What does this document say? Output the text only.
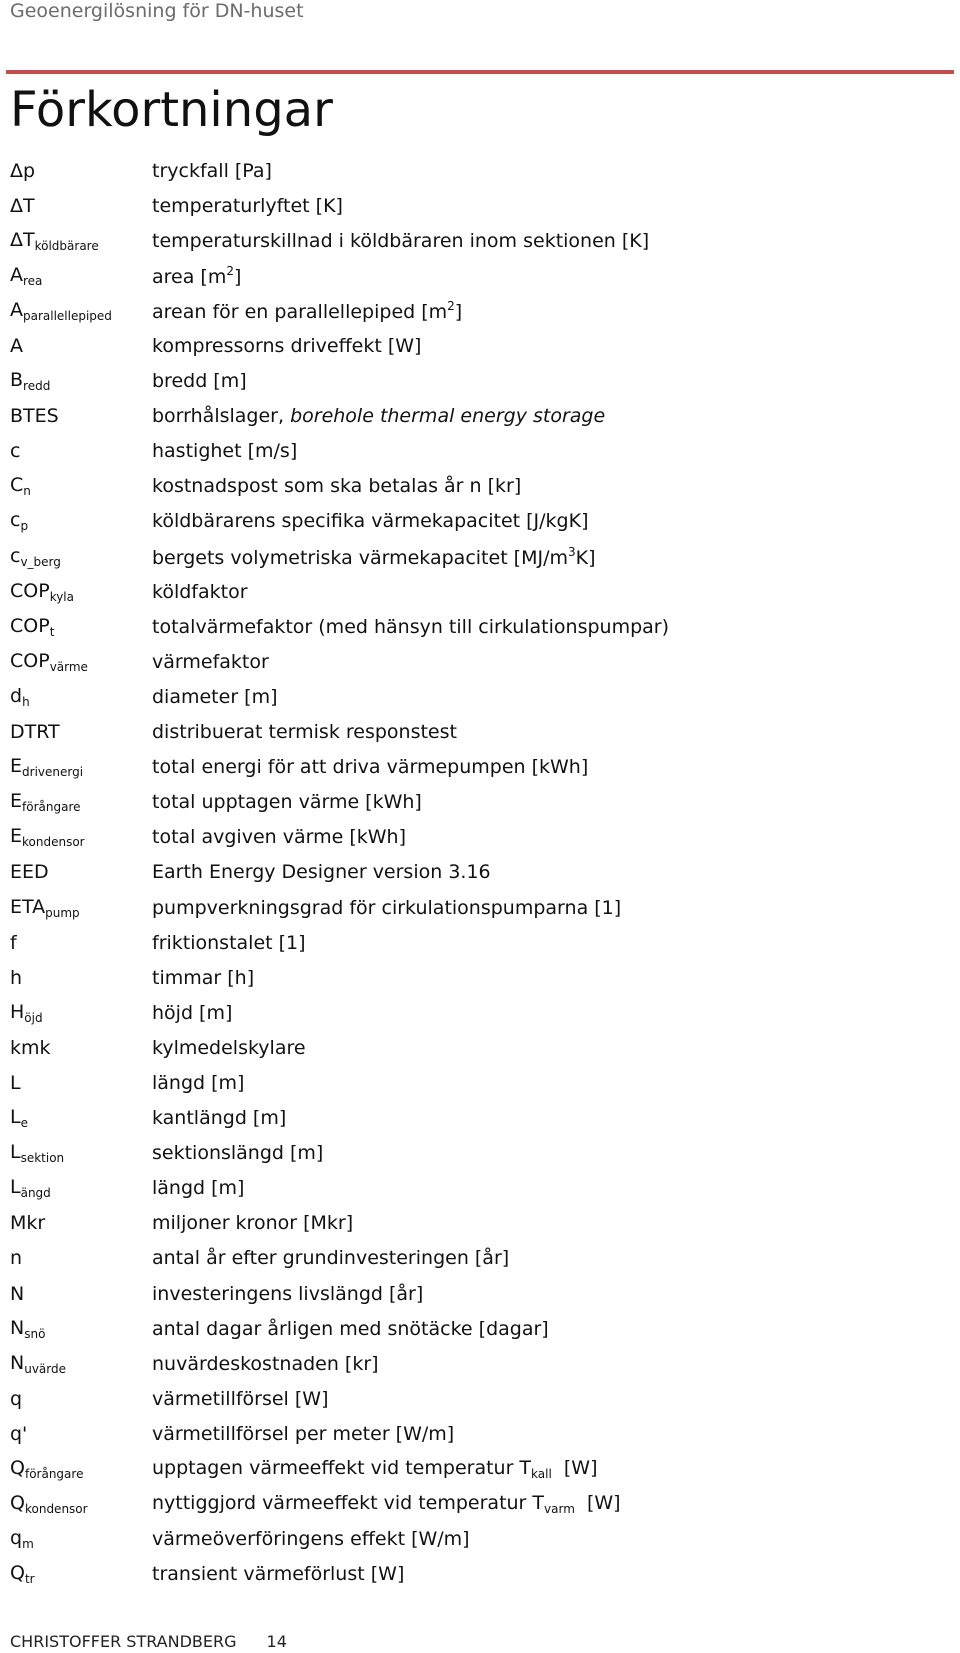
Geoenergilösning för DN-huset
Förkortningar
Δp	tryckfall [Pa]
ΔT	temperaturlyftet [K]
$\Delta T_{köldbärare}$	temperaturskillnad i köldbäraren inom sektionen [K]
$A_{rea}$	area $[m^2]$
$A_{parallellepiped}$	arean för en parallellepiped $[m^2]$
A	kompressorns driveffekt [W]
$B_{redd}$	bredd [m]
BTES	borrhålslager, borehole thermal energy storage
c	hastighet [m/s]
$C_n$	kostnadspost som ska betalas år n [kr]
$c_p$	köldbärarens specifika värmekapacitet [J/kgK]
$c_{v\_berg}$	bergets volymetriska värmekapacitet $[MJ/m^3K]$
$COP_{kyla}$	köldfaktor
$COP_t$	totalvärmefaktor (med hänsyn till cirkulationspumpar)
$COP_{värme}$	värmefaktor
$d_h$	diameter [m]
DTRT	distribuerat termisk responstest
$E_{drivenergi}$	total energi för att driva värmepumpen [kWh]
$E_{förångare}$	total upptagen värme [kWh]
$E_{kondensor}$	total avgiven värme [kWh]
EED	Earth Energy Designer version 3.16
$ETA_{pump}$	pumpverkningsgrad för cirkulationspumparna [1]
f	friktionstalet [1]
h	timmar [h]
$H_{öjd}$	höjd [m]
kmk	kylmedelskylare
L	längd [m]
$L_e$	kantlängd [m]
$L_{sektion}$	sektionslängd [m]
$L_{ängd}$	längd [m]
Mkr	miljoner kronor [Mkr]
n	antal år efter grundinvesteringen [år]
N	investeringens livslängd [år]
$N_{snö}$	antal dagar årligen med snötäcke [dagar]
$N_{uvärde}$	nuvärdeskostnaden [kr]
q	värmetillförsel [W]
q'	värmetillförsel per meter [W/m]
$Q_{förångare}$	upptagen värmeeffekt vid temperatur $T_{kall}$  [W]
$Q_{kondensor}$	nyttiggjord värmeeffekt vid temperatur $T_{varm}$  [W]
$q_m$	värmeöverföringens effekt [W/m]
$Q_{tr}$	transient värmeförlust [W]
CHRISTOFFER STRANDBERG 14
